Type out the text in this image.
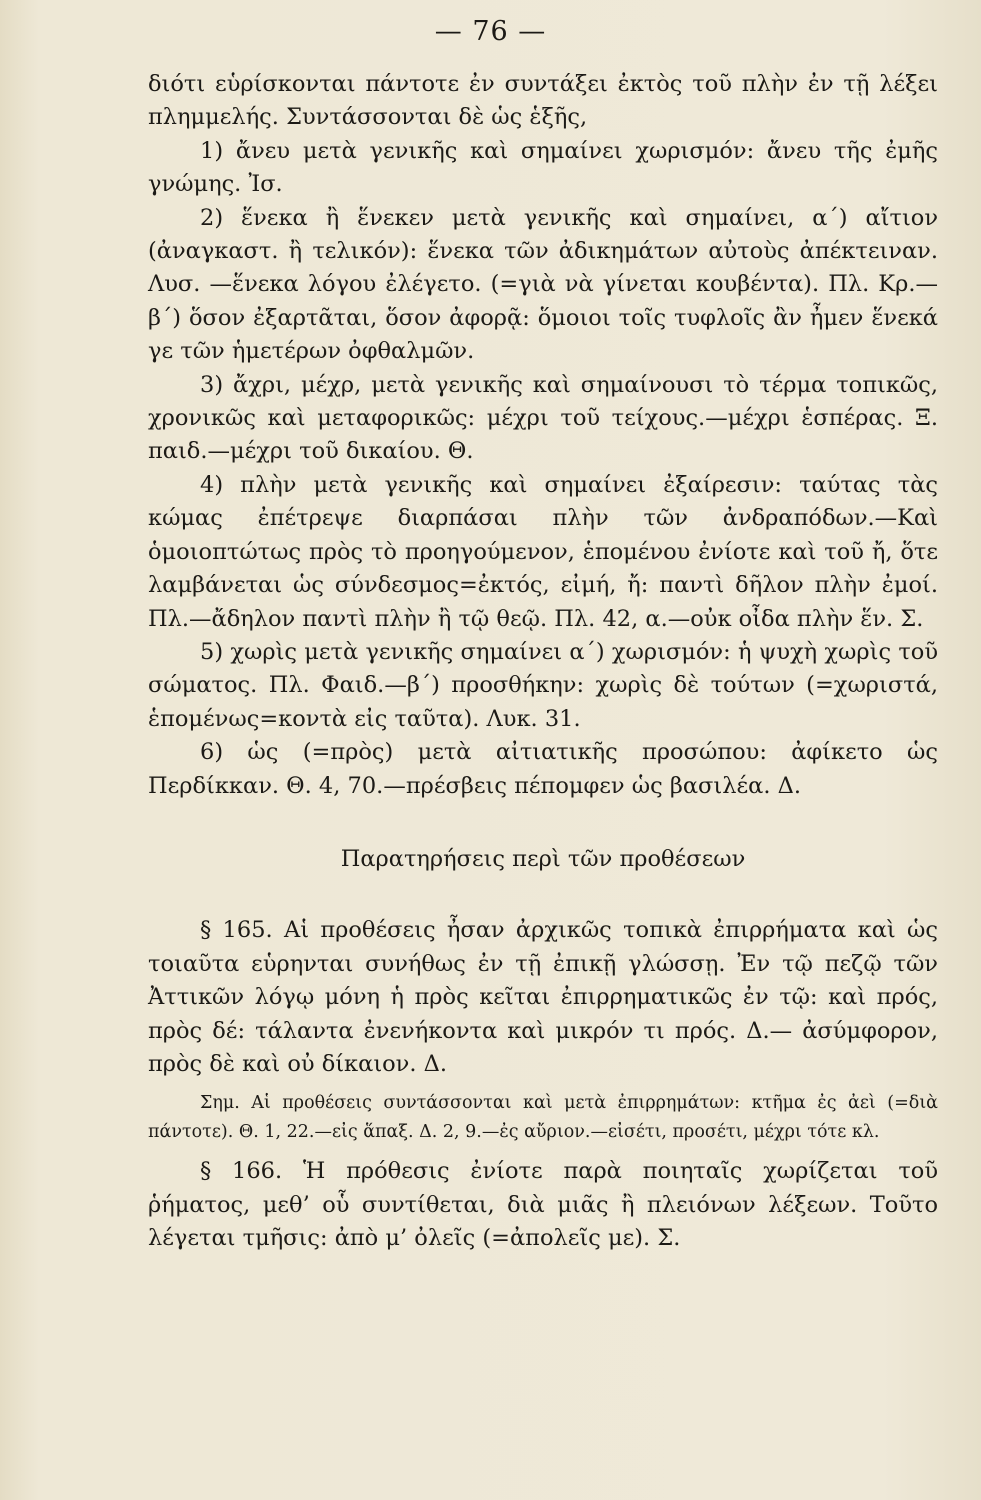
— 76 —

διότι εὑρίσκονται πάντοτε ἐν συντάξει ἐκτὸς τοῦ πλὴν ἐν τῇ λέξει πλημμελής. Συντάσσονται δὲ ὡς ἑξῆς,

1) ἄνευ μετὰ γενικῆς καὶ σημαίνει χωρισμόν: ἄνευ τῆς ἐμῆς γνώμης. Ἰσ.

2) ἕνεκα ἢ ἕνεκεν μετὰ γενικῆς καὶ σημαίνει, α΄) αἴτιον (ἀναγκαστ. ἢ τελικόν): ἕνεκα τῶν ἀδικημάτων αὐτοὺς ἀπέκτειναν. Λυσ. —ἕνεκα λόγου ἐλέγετο. (=γιὰ νὰ γίνεται κουβέντα). Πλ. Κρ.— β΄) ὅσον ἐξαρτᾶται, ὅσον ἀφορᾷ: ὅμοιοι τοῖς τυφλοῖς ἂν ἦμεν ἕνεκά γε τῶν ἡμετέρων ὀφθαλμῶν.

3) ἄχρι, μέχρ, μετὰ γενικῆς καὶ σημαίνουσι τὸ τέρμα τοπικῶς, χρονικῶς καὶ μεταφορικῶς: μέχρι τοῦ τείχους.—μέχρι ἑσπέρας. Ξ. παιδ.—μέχρι τοῦ δικαίου. Θ.

4) πλὴν μετὰ γενικῆς καὶ σημαίνει ἐξαίρεσιν: ταύτας τὰς κώμας ἐπέτρεψε διαρπάσαι πλὴν τῶν ἀνδραπόδων.—Καὶ ὁμοιοπτώτως πρὸς τὸ προηγούμενον, ἑπομένου ἐνίοτε καὶ τοῦ ἤ, ὅτε λαμβάνεται ὡς σύνδεσμος=ἐκτός, εἰμή, ἤ: παντὶ δῆλον πλὴν ἐμοί. Πλ.—ἄδηλον παντὶ πλὴν ἢ τῷ θεῷ. Πλ. 42, α.—οὐκ οἶδα πλὴν ἕν. Σ.

5) χωρὶς μετὰ γενικῆς σημαίνει α΄) χωρισμόν: ἡ ψυχὴ χωρὶς τοῦ σώματος. Πλ. Φαιδ.—β΄) προσθήκην: χωρὶς δὲ τούτων (=χωριστά, ἑπομένως=κοντὰ εἰς ταῦτα). Λυκ. 31.

6) ὡς (=πρὸς) μετὰ αἰτιατικῆς προσώπου: ἀφίκετο ὡς Περδίκκαν. Θ. 4, 70.—πρέσβεις πέπομφεν ὡς βασιλέα. Δ.

Παρατηρήσεις περὶ τῶν προθέσεων

§ 165. Αἱ προθέσεις ἦσαν ἀρχικῶς τοπικὰ ἐπιρρήματα καὶ ὡς τοιαῦτα εὑρηνται συνήθως ἐν τῇ ἐπικῇ γλώσσῃ. Ἐν τῷ πεζῷ τῶν Ἀττικῶν λόγῳ μόνη ἡ πρὸς κεῖται ἐπιρρηματικῶς ἐν τῷ: καὶ πρός, πρὸς δέ: τάλαντα ἐνενήκοντα καὶ μικρόν τι πρός. Δ.— ἀσύμφορον, πρὸς δὲ καὶ οὐ δίκαιον. Δ.

Σημ. Αἱ προθέσεις συντάσσονται καὶ μετὰ ἐπιρρημάτων: κτῆμα ἐς ἀεὶ (=διὰ πάντοτε). Θ. 1, 22.—εἰς ἅπαξ. Δ. 2, 9.—ἐς αὔριον.—εἰσέτι, προσέτι, μέχρι τότε κλ.

§ 166. Ἡ πρόθεσις ἐνίοτε παρὰ ποιηταῖς χωρίζεται τοῦ ῥήματος, μεθ’ οὗ συντίθεται, διὰ μιᾶς ἢ πλειόνων λέξεων. Τοῦτο λέγεται τμῆσις: ἀπὸ μ’ ὀλεῖς (=ἀπολεῖς με). Σ.
